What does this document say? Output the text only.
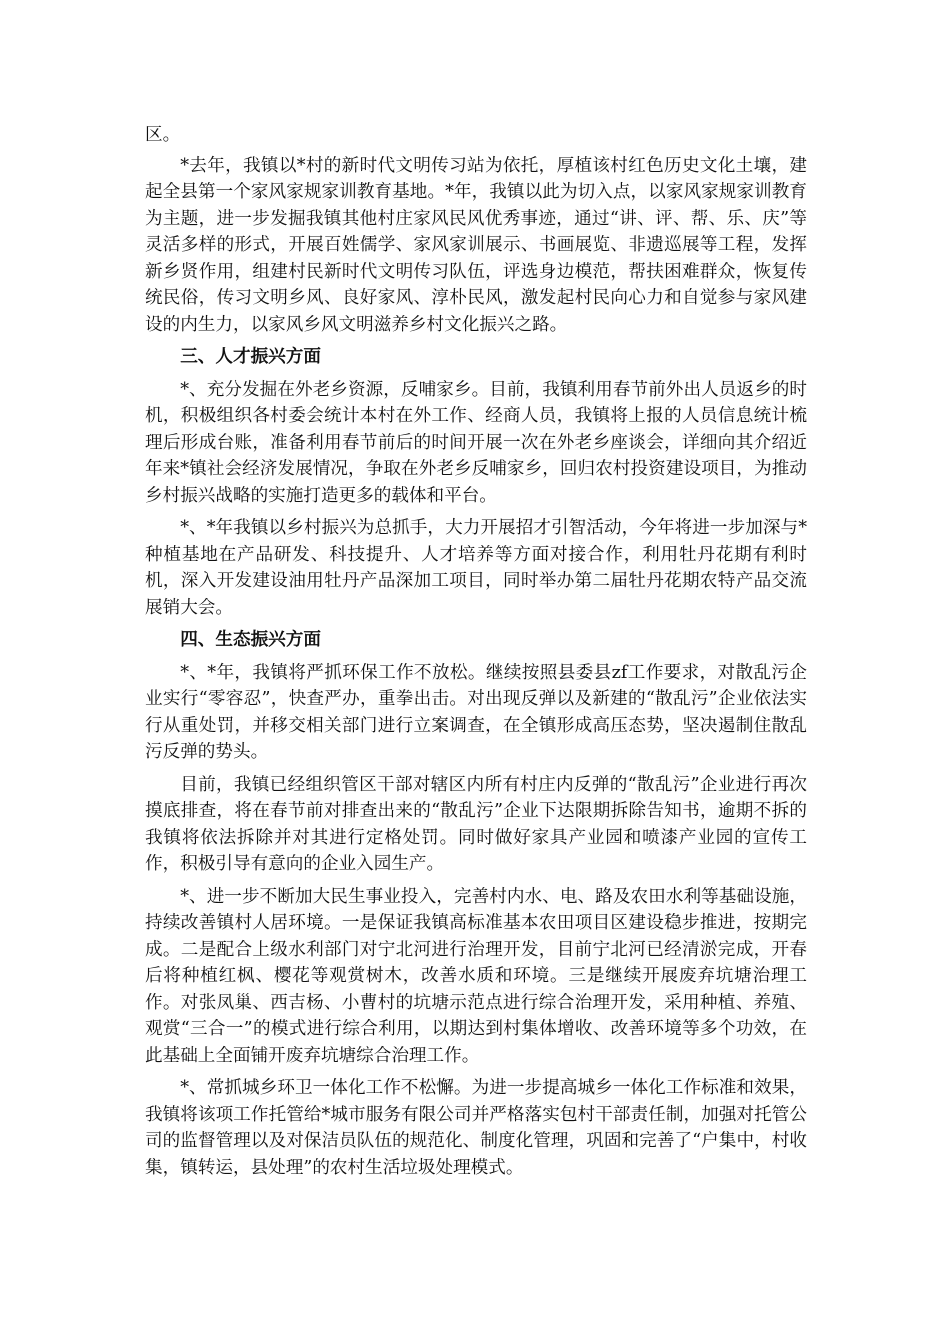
区。

*去年，我镇以*村的新时代文明传习站为依托，厚植该村红色历史文化土壤，建起全县第一个家风家规家训教育基地。*年，我镇以此为切入点，以家风家规家训教育为主题，进一步发掘我镇其他村庄家风民风优秀事迹，通过“讲、评、帮、乐、庆”等灵活多样的形式，开展百姓儒学、家风家训展示、书画展览、非遗巡展等工程，发挥新乡贤作用，组建村民新时代文明传习队伍，评选身边模范，帮扶困难群众，恢复传统民俗，传习文明乡风、良好家风、淳朴民风，激发起村民向心力和自觉参与家风建设的内生力，以家风乡风文明滋养乡村文化振兴之路。

三、人才振兴方面

*、充分发掘在外老乡资源，反哺家乡。目前，我镇利用春节前外出人员返乡的时机，积极组织各村委会统计本村在外工作、经商人员，我镇将上报的人员信息统计梳理后形成台账，准备利用春节前后的时间开展一次在外老乡座谈会，详细向其介绍近年来*镇社会经济发展情况，争取在外老乡反哺家乡，回归农村投资建设项目，为推动乡村振兴战略的实施打造更多的载体和平台。

*、*年我镇以乡村振兴为总抓手，大力开展招才引智活动，今年将进一步加深与*种植基地在产品研发、科技提升、人才培养等方面对接合作，利用牡丹花期有利时机，深入开发建设油用牡丹产品深加工项目，同时举办第二届牡丹花期农特产品交流展销大会。

四、生态振兴方面

*、*年，我镇将严抓环保工作不放松。继续按照县委县zf工作要求，对散乱污企业实行“零容忍”，快查严办，重拳出击。对出现反弹以及新建的“散乱污”企业依法实行从重处罚，并移交相关部门进行立案调查，在全镇形成高压态势，坚决遏制住散乱污反弹的势头。

目前，我镇已经组织管区干部对辖区内所有村庄内反弹的“散乱污”企业进行再次摸底排查，将在春节前对排查出来的“散乱污”企业下达限期拆除告知书，逾期不拆的我镇将依法拆除并对其进行定格处罚。同时做好家具产业园和喷漆产业园的宣传工作，积极引导有意向的企业入园生产。

*、进一步不断加大民生事业投入，完善村内水、电、路及农田水利等基础设施，持续改善镇村人居环境。一是保证我镇高标准基本农田项目区建设稳步推进，按期完成。二是配合上级水利部门对宁北河进行治理开发，目前宁北河已经清淤完成，开春后将种植红枫、樱花等观赏树木，改善水质和环境。三是继续开展废弃坑塘治理工作。对张凤巢、西吉杨、小曹村的坑塘示范点进行综合治理开发，采用种植、养殖、观赏“三合一”的模式进行综合利用，以期达到村集体增收、改善环境等多个功效，在此基础上全面铺开废弃坑塘综合治理工作。

*、常抓城乡环卫一体化工作不松懈。为进一步提高城乡一体化工作标准和效果，我镇将该项工作托管给*城市服务有限公司并严格落实包村干部责任制，加强对托管公司的监督管理以及对保洁员队伍的规范化、制度化管理，巩固和完善了“户集中，村收集，镇转运，县处理”的农村生活垃圾处理模式。
